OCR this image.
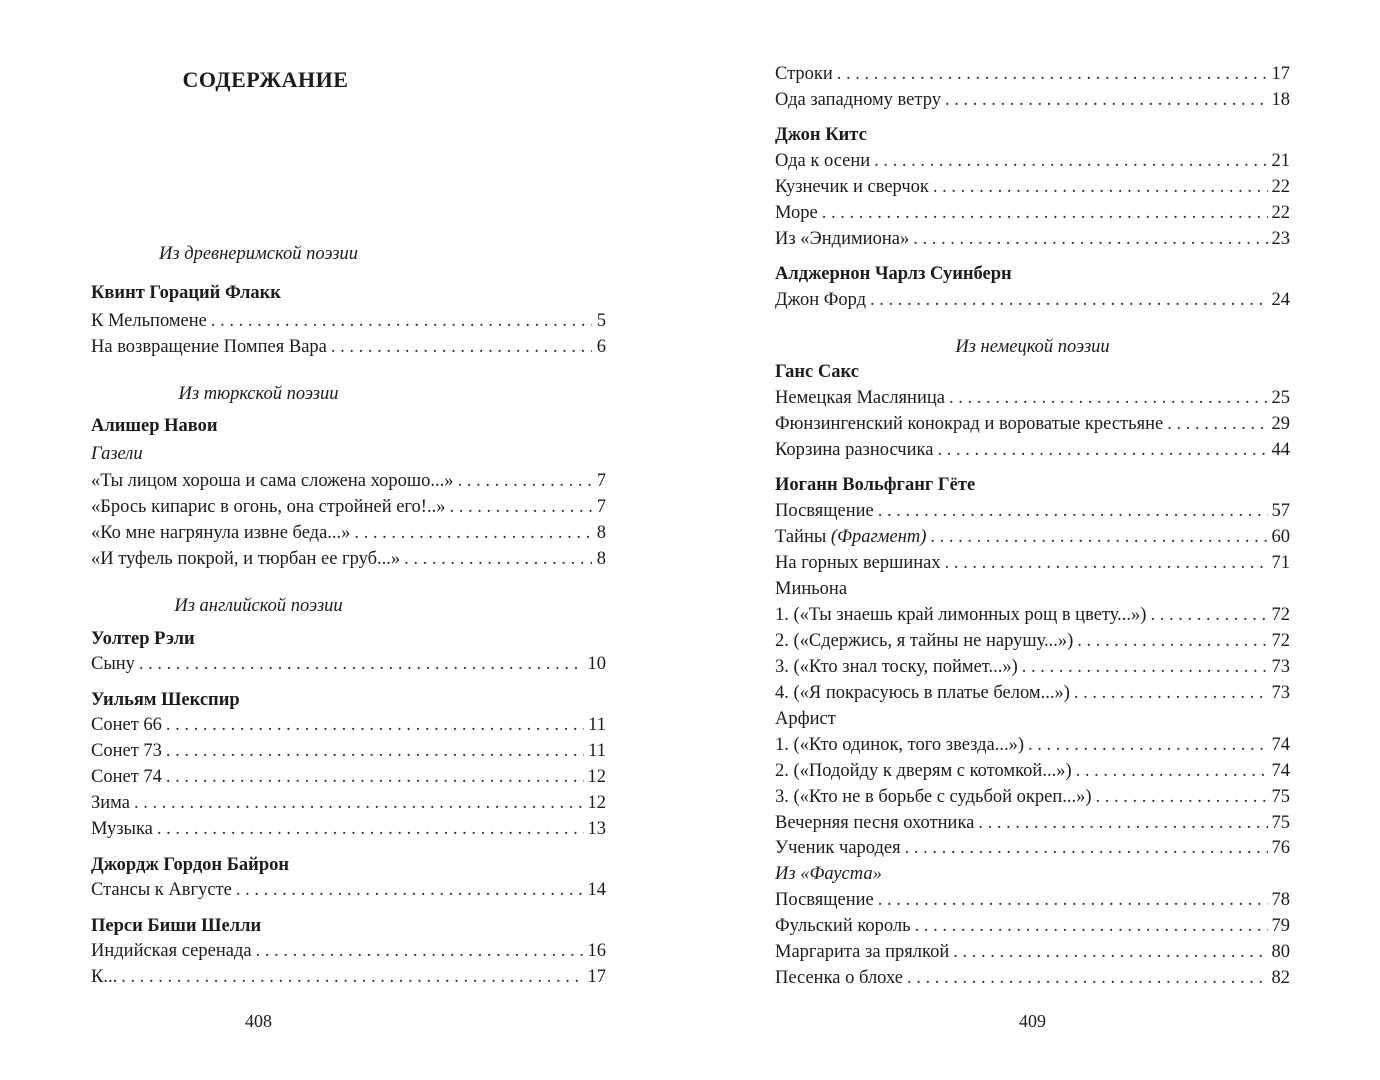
СОДЕРЖАНИЕ
Из древнеримской поэзии
Квинт Гораций Флакк
К Мельпомене . . .	5
На возвращение Помпея Вара . . .	6
Из тюркской поэзии
Алишер Навои
Газели
«Ты лицом хороша и сама сложена хорошо...» . . .	7
«Брось кипарис в огонь, она стройней его!..» . . .	7
«Ко мне нагрянула извне беда...» . . .	8
«И туфель покрой, и тюрбан ее груб...» . . .	8
Из английской поэзии
Уолтер Рэли
Сыну . . .	10
Уильям Шекспир
Сонет 66 . . .	11
Сонет 73 . . .	11
Сонет 74 . . .	12
Зима . . .	12
Музыка . . .	13
Джордж Гордон Байрон
Стансы к Августе . . .	14
Перси Биши Шелли
Индийская серенада . . .	16
К... . . .	17
408
Строки . . .	17
Ода западному ветру . . .	18
Джон Китс
Ода к осени . . .	21
Кузнечик и сверчок . . .	22
Море . . .	22
Из «Эндимиона» . . .	23
Алджернон Чарлз Суинберн
Джон Форд . . .	24
Из немецкой поэзии
Ганс Сакс
Немецкая Масляница . . .	25
Фюнзингенский конокрад и вороватые крестьяне . . .	29
Корзина разносчика . . .	44
Иоганн Вольфганг Гёте
Посвящение . . .	57
Тайны (Фрагмент) . . .	60
На горных вершинах . . .	71
Миньона
1. («Ты знаешь край лимонных рощ в цвету...») . . .	72
2. («Сдержись, я тайны не нарушу...») . . .	72
3. («Кто знал тоску, поймет...») . . .	73
4. («Я покрасуюсь в платье белом...») . . .	73
Арфист
1. («Кто одинок, того звезда...») . . .	74
2. («Подойду к дверям с котомкой...») . . .	74
3. («Кто не в борьбе с судьбой окреп...») . . .	75
Вечерняя песня охотника . . .	75
Ученик чародея . . .	76
Из «Фауста»
Посвящение . . .	78
Фульский король . . .	79
Маргарита за прялкой . . .	80
Песенка о блохе . . .	82
409
